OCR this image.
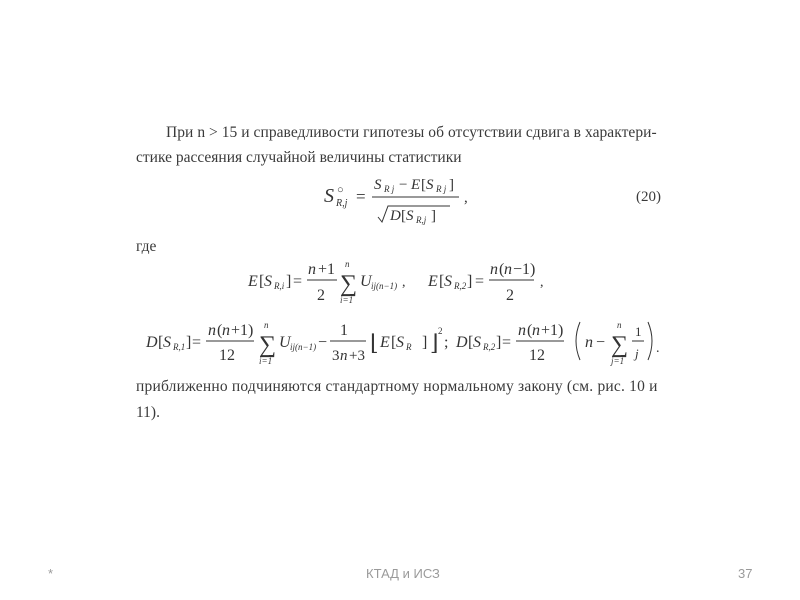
При n > 15 и справедливости гипотезы об отсутствии сдвига в характери-
стике рассеяния случайной величины статистики
S ○
R,j =
S R j − E [ S R j ]
D [ S R,j ]
,	(20)
где
E [ S R,i ] =
n +1
2
n
∑
i=1
U ij(n−1) , E [ S R,2 ] =
n ( n −1)
2
,
D [ S R,1 ] =
n ( n +1)
12
n
∑
i=1
U ij(n−1) −
1
3 n +3
⌊ E [ S R ] ⌋ 2
; D [ S R,2 ] =
n ( n +1)
12
n −
n
∑
j=1
1
j .
приближенно подчиняются стандартному нормальному закону (см. рис. 10 и
11).
*	КТАД и ИСЗ	37
